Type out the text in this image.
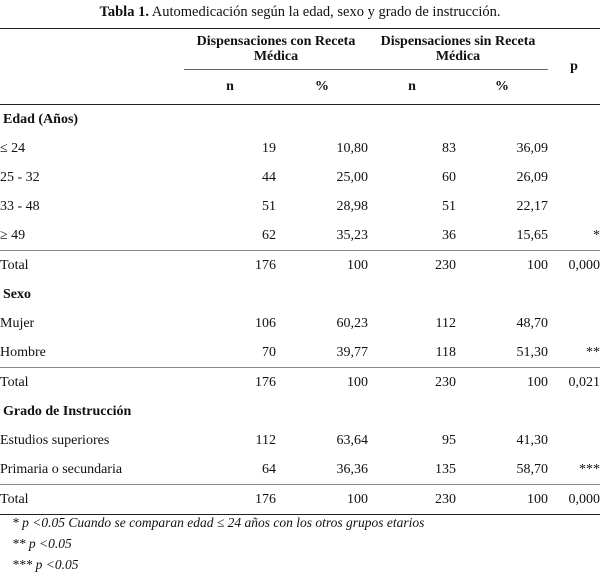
Tabla 1. Automedicación según la edad, sexo y grado de instrucción.
	Dispensaciones con Receta Médica		Dispensaciones sin Receta Médica		p
	n	%	n	%	
Edad (Años)					
≤ 24	19	10,80	83	36,09	
25 - 32	44	25,00	60	26,09	
33 - 48	51	28,98	51	22,17	
≥ 49	62	35,23	36	15,65	*
Total	176	100	230	100	0,000
Sexo					
Mujer	106	60,23	112	48,70	
Hombre	70	39,77	118	51,30	**
Total	176	100	230	100	0,021
Grado de Instrucción					
Estudios superiores	112	63,64	95	41,30	
Primaria o secundaria	64	36,36	135	58,70	***
Total	176	100	230	100	0,000
* p <0.05 Cuando se comparan edad ≤ 24 años con los otros grupos etarios
** p <0.05
*** p <0.05
